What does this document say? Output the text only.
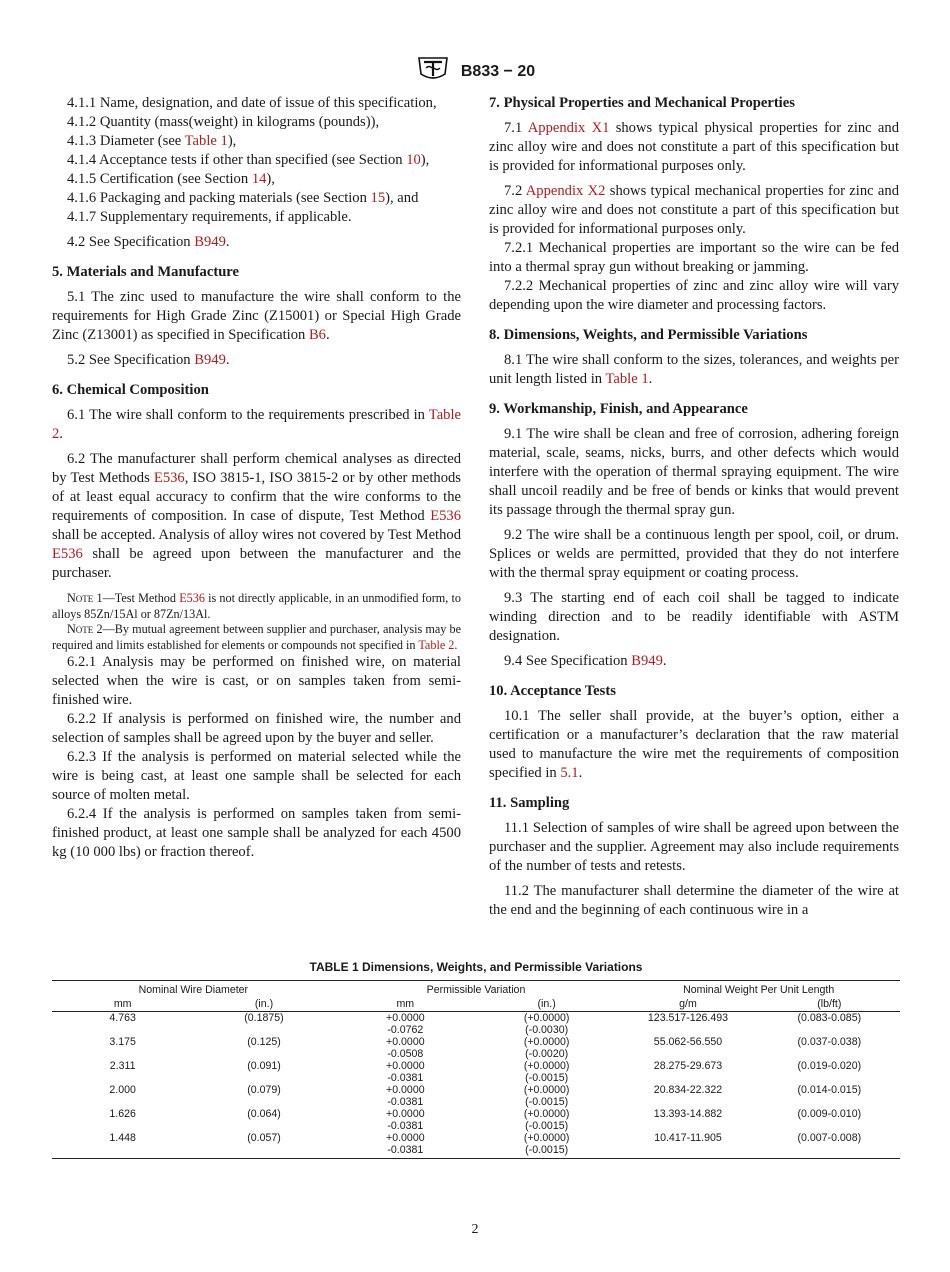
B833 − 20

4.1.1 Name, designation, and date of issue of this specification,

4.1.2 Quantity (mass(weight) in kilograms (pounds)),

4.1.3 Diameter (see Table 1),

4.1.4 Acceptance tests if other than specified (see Section 10),

4.1.5 Certification (see Section 14),

4.1.6 Packaging and packing materials (see Section 15), and

4.1.7 Supplementary requirements, if applicable.

4.2 See Specification B949.

5. Materials and Manufacture

5.1 The zinc used to manufacture the wire shall conform to the requirements for High Grade Zinc (Z15001) or Special High Grade Zinc (Z13001) as specified in Specification B6.

5.2 See Specification B949.

6. Chemical Composition

6.1 The wire shall conform to the requirements prescribed in Table 2.

6.2 The manufacturer shall perform chemical analyses as directed by Test Methods E536, ISO 3815-1, ISO 3815-2 or by other methods of at least equal accuracy to confirm that the wire conforms to the requirements of composition. In case of dispute, Test Method E536 shall be accepted. Analysis of alloy wires not covered by Test Method E536 shall be agreed upon between the manufacturer and the purchaser.

Note 1—Test Method E536 is not directly applicable, in an unmodified form, to alloys 85Zn/15Al or 87Zn/13Al.

Note 2—By mutual agreement between supplier and purchaser, analysis may be required and limits established for elements or compounds not specified in Table 2.

6.2.1 Analysis may be performed on finished wire, on material selected when the wire is cast, or on samples taken from semi-finished wire.

6.2.2 If analysis is performed on finished wire, the number and selection of samples shall be agreed upon by the buyer and seller.

6.2.3 If the analysis is performed on material selected while the wire is being cast, at least one sample shall be selected for each source of molten metal.

6.2.4 If the analysis is performed on samples taken from semi-finished product, at least one sample shall be analyzed for each 4500 kg (10 000 lbs) or fraction thereof.

7. Physical Properties and Mechanical Properties

7.1 Appendix X1 shows typical physical properties for zinc and zinc alloy wire and does not constitute a part of this specification but is provided for informational purposes only.

7.2 Appendix X2 shows typical mechanical properties for zinc and zinc alloy wire and does not constitute a part of this specification but is provided for informational purposes only.

7.2.1 Mechanical properties are important so the wire can be fed into a thermal spray gun without breaking or jamming.

7.2.2 Mechanical properties of zinc and zinc alloy wire will vary depending upon the wire diameter and processing factors.

8. Dimensions, Weights, and Permissible Variations

8.1 The wire shall conform to the sizes, tolerances, and weights per unit length listed in Table 1.

9. Workmanship, Finish, and Appearance

9.1 The wire shall be clean and free of corrosion, adhering foreign material, scale, seams, nicks, burrs, and other defects which would interfere with the operation of thermal spraying equipment. The wire shall uncoil readily and be free of bends or kinks that would prevent its passage through the thermal spray gun.

9.2 The wire shall be a continuous length per spool, coil, or drum. Splices or welds are permitted, provided that they do not interfere with the thermal spray equipment or coating process.

9.3 The starting end of each coil shall be tagged to indicate winding direction and to be readily identifiable with ASTM designation.

9.4 See Specification B949.

10. Acceptance Tests

10.1 The seller shall provide, at the buyer’s option, either a certification or a manufacturer’s declaration that the raw material used to manufacture the wire met the requirements of composition specified in 5.1.

11. Sampling

11.1 Selection of samples of wire shall be agreed upon between the purchaser and the supplier. Agreement may also include requirements of the number of tests and retests.

11.2 The manufacturer shall determine the diameter of the wire at the end and the beginning of each continuous wire in a

TABLE 1 Dimensions, Weights, and Permissible Variations
Nominal Wire Diameter		Permissible Variation		Nominal Weight Per Unit Length	
mm	(in.)	mm	(in.)	g/m	(lb/ft)
4.763	(0.1875)	+0.0000	(+0.0000)	123.517-126.493	(0.083-0.085)
		-0.0762	(-0.0030)		
3.175	(0.125)	+0.0000	(+0.0000)	55.062-56.550	(0.037-0.038)
		-0.0508	(-0.0020)		
2.311	(0.091)	+0.0000	(+0.0000)	28.275-29.673	(0.019-0.020)
		-0.0381	(-0.0015)		
2.000	(0.079)	+0.0000	(+0.0000)	20.834-22.322	(0.014-0.015)
		-0.0381	(-0.0015)		
1.626	(0.064)	+0.0000	(+0.0000)	13.393-14.882	(0.009-0.010)
		-0.0381	(-0.0015)		
1.448	(0.057)	+0.0000	(+0.0000)	10.417-11.905	(0.007-0.008)
		-0.0381	(-0.0015)		
2
